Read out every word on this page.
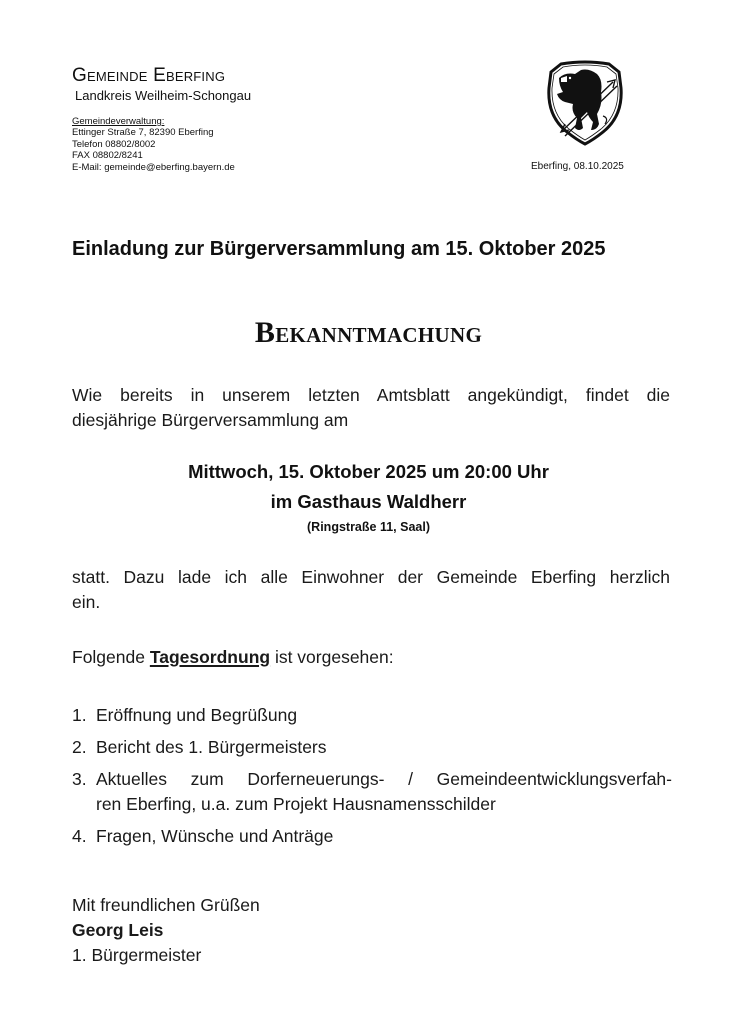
Gemeinde Eberfing
Landkreis Weilheim-Schongau
Gemeindeverwaltung:
Ettinger Straße 7, 82390 Eberfing
Telefon 08802/8002
FAX 08802/8241
E-Mail: gemeinde@eberfing.bayern.de	Eberfing, 08.10.2025
Einladung zur Bürgerversammlung am 15. Oktober 2025
Bekanntmachung
Wie bereits in unserem letzten Amtsblatt angekündigt, findet die
diesjährige Bürgerversammlung am
Mittwoch, 15. Oktober 2025 um 20:00 Uhr
im Gasthaus Waldherr
(Ringstraße 11, Saal)
statt. Dazu lade ich alle Einwohner der Gemeinde Eberfing herzlich
ein.
Folgende Tagesordnung ist vorgesehen:
1. Eröffnung und Begrüßung
2. Bericht des 1. Bürgermeisters
3. Aktuelles zum Dorferneuerungs- / Gemeindeentwicklungsverfah-
ren Eberfing, u.a. zum Projekt Hausnamensschilder
4. Fragen, Wünsche und Anträge
Mit freundlichen Grüßen
Georg Leis
1. Bürgermeister
